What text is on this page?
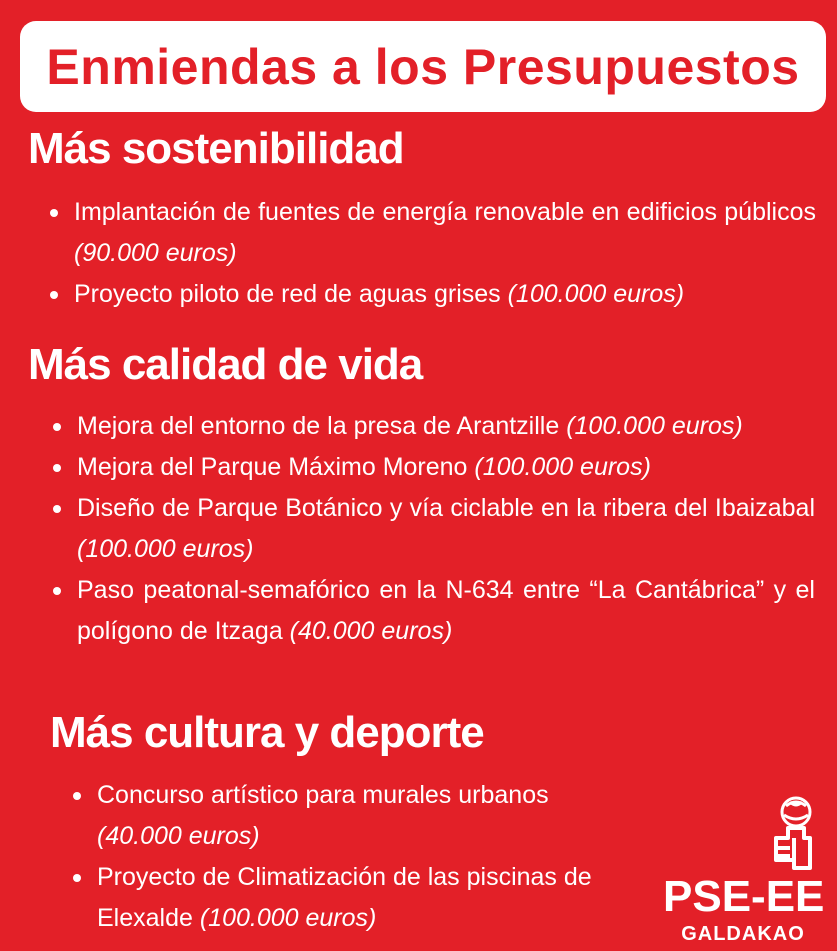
Enmiendas a los Presupuestos
Más sostenibilidad
Implantación de fuentes de energía renovable en edificios públicos (90.000 euros)
Proyecto piloto de red de aguas grises (100.000 euros)
Más calidad de vida
Mejora del entorno de la presa de Arantzille (100.000 euros)
Mejora del Parque Máximo Moreno (100.000 euros)
Diseño de Parque Botánico y vía ciclable en la ribera del Ibaizabal (100.000 euros)
Paso peatonal-semafórico en la N-634 entre “La Cantábrica” y el polígono de Itzaga (40.000 euros)
Más cultura y deporte
Concurso artístico para murales urbanos
(40.000 euros)
Proyecto de Climatización de las piscinas de Elexalde (100.000 euros)	PSE-EE
GALDAKAO
